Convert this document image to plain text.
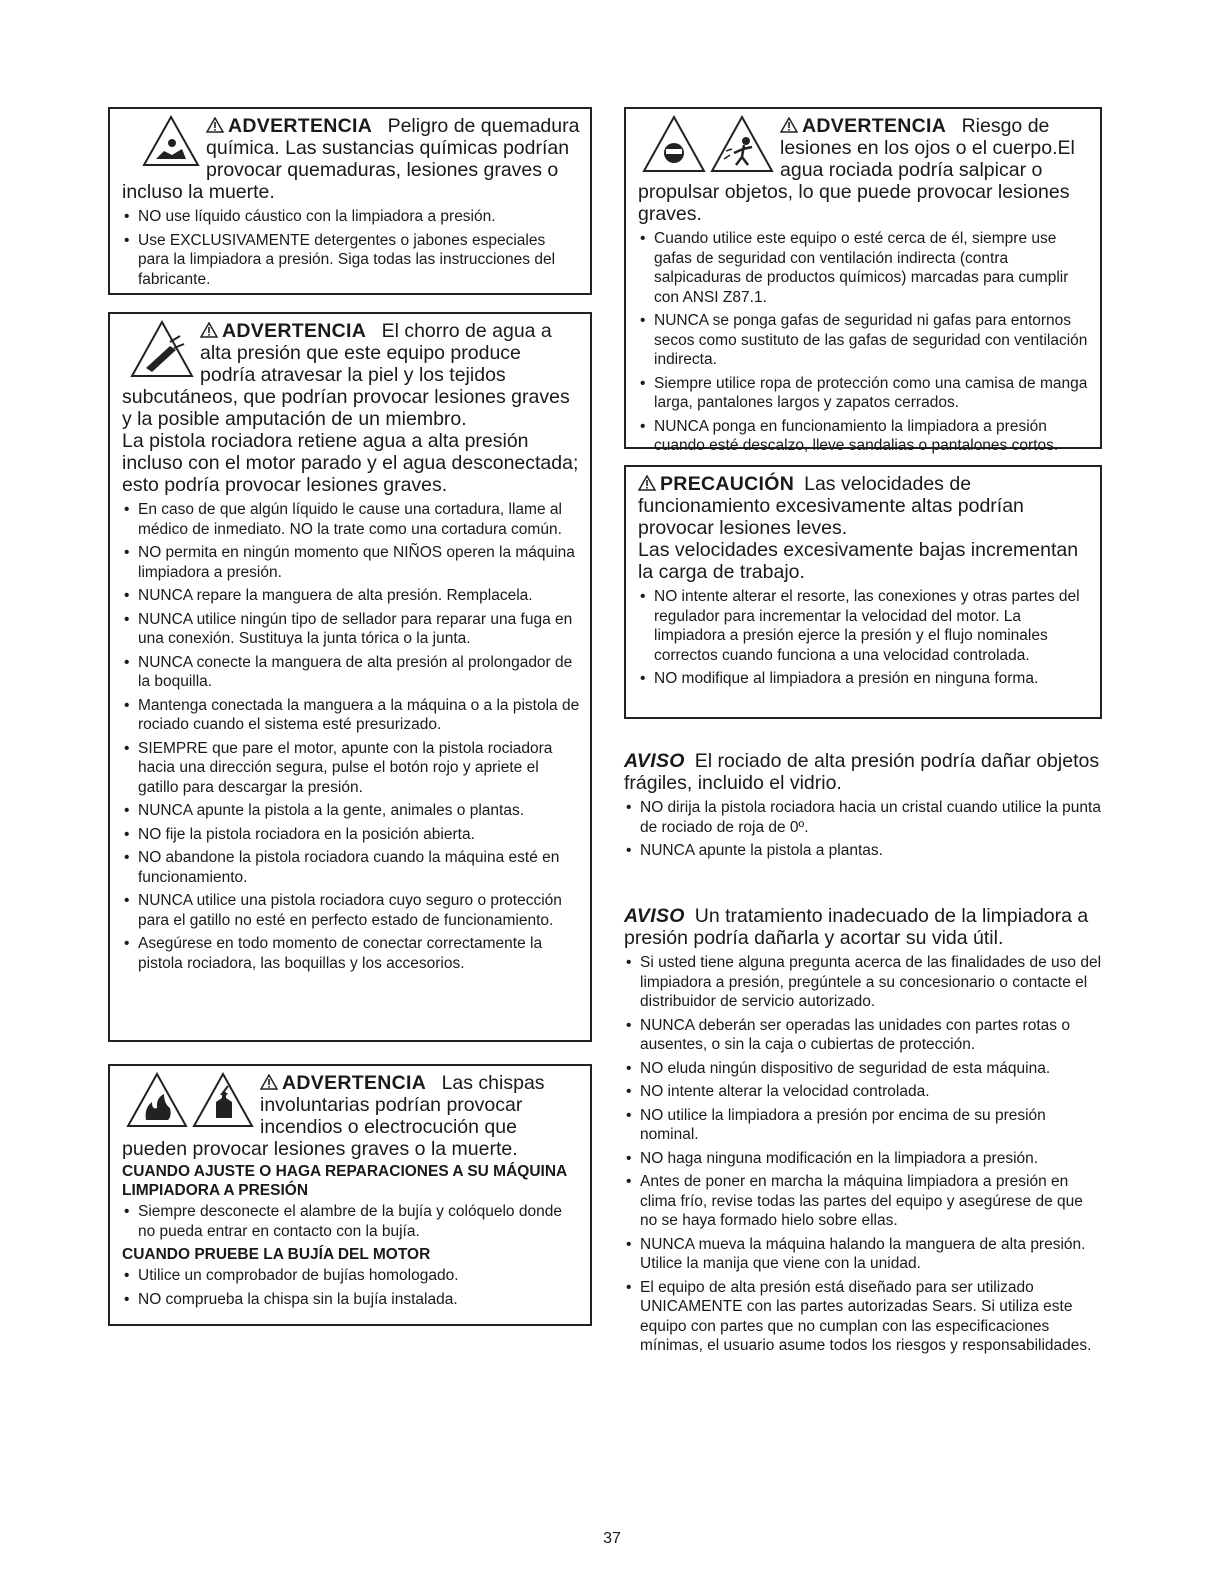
ADVERTENCIA Peligro de quemadura química. Las sustancias químicas podrían provocar quemaduras, lesiones graves o incluso la muerte.
• NO use líquido cáustico con la limpiadora a presión.
• Use EXCLUSIVAMENTE detergentes o jabones especiales para la limpiadora a presión. Siga todas las instrucciones del fabricante.
ADVERTENCIA El chorro de agua a alta presión que este equipo produce podría atravesar la piel y los tejidos subcutáneos, que podrían provocar lesiones graves y la posible amputación de un miembro.
La pistola rociadora retiene agua a alta presión incluso con el motor parado y el agua desconectada; esto podría provocar lesiones graves.
• En caso de que algún líquido le cause una cortadura, llame al médico de inmediato. NO la trate como una cortadura común.
• NO permita en ningún momento que NIÑOS operen la máquina limpiadora a presión.
• NUNCA repare la manguera de alta presión. Remplacela.
• NUNCA utilice ningún tipo de sellador para reparar una fuga en una conexión. Sustituya la junta tórica o la junta.
• NUNCA conecte la manguera de alta presión al prolongador de la boquilla.
• Mantenga conectada la manguera a la máquina o a la pistola de rociado cuando el sistema esté presurizado.
• SIEMPRE que pare el motor, apunte con la pistola rociadora hacia una dirección segura, pulse el botón rojo y apriete el gatillo para descargar la presión.
• NUNCA apunte la pistola a la gente, animales o plantas.
• NO fije la pistola rociadora en la posición abierta.
• NO abandone la pistola rociadora cuando la máquina esté en funcionamiento.
• NUNCA utilice una pistola rociadora cuyo seguro o protección para el gatillo no esté en perfecto estado de funcionamiento.
• Asegúrese en todo momento de conectar correctamente la pistola rociadora, las boquillas y los accesorios.
ADVERTENCIA Las chispas involuntarias podrían provocar incendios o electrocución que pueden provocar lesiones graves o la muerte.
CUANDO AJUSTE O HAGA REPARACIONES A SU MÁQUINA LIMPIADORA A PRESIÓN
• Siempre desconecte el alambre de la bujía y colóquelo donde no pueda entrar en contacto con la bujía.
CUANDO PRUEBE LA BUJÍA DEL MOTOR
• Utilice un comprobador de bujías homologado.
• NO comprueba la chispa sin la bujía instalada.
ADVERTENCIA Riesgo de lesiones en los ojos o el cuerpo.El agua rociada podría salpicar o propulsar objetos, lo que puede provocar lesiones graves.
• Cuando utilice este equipo o esté cerca de él, siempre use gafas de seguridad con ventilación indirecta (contra salpicaduras de productos químicos) marcadas para cumplir con ANSI Z87.1.
• NUNCA se ponga gafas de seguridad ni gafas para entornos secos como sustituto de las gafas de seguridad con ventilación indirecta.
• Siempre utilice ropa de protección como una camisa de manga larga, pantalones largos y zapatos cerrados.
• NUNCA ponga en funcionamiento la limpiadora a presión cuando esté descalzo, lleve sandalias o pantalones cortos.
PRECAUCIÓN Las velocidades de funcionamiento excesivamente altas podrían provocar lesiones leves.
Las velocidades excesivamente bajas incrementan la carga de trabajo.
• NO intente alterar el resorte, las conexiones y otras partes del regulador para incrementar la velocidad del motor. La limpiadora a presión ejerce la presión y el flujo nominales correctos cuando funciona a una velocidad controlada.
• NO modifique al limpiadora a presión en ninguna forma.
AVISO El rociado de alta presión podría dañar objetos frágiles, incluido el vidrio.
• NO dirija la pistola rociadora hacia un cristal cuando utilice la punta de rociado de roja de 0º.
• NUNCA apunte la pistola a plantas.
AVISO Un tratamiento inadecuado de la limpiadora a presión podría dañarla y acortar su vida útil.
• Si usted tiene alguna pregunta acerca de las finalidades de uso del limpiadora a presión, pregúntele a su concesionario o contacte el distribuidor de servicio autorizado.
• NUNCA deberán ser operadas las unidades con partes rotas o ausentes, o sin la caja o cubiertas de protección.
• NO eluda ningún dispositivo de seguridad de esta máquina.
• NO intente alterar la velocidad controlada.
• NO utilice la limpiadora a presión por encima de su presión nominal.
• NO haga ninguna modificación en la limpiadora a presión.
• Antes de poner en marcha la máquina limpiadora a presión en clima frío, revise todas las partes del equipo y asegúrese de que no se haya formado hielo sobre ellas.
• NUNCA mueva la máquina halando la manguera de alta presión. Utilice la manija que viene con la unidad.
• El equipo de alta presión está diseñado para ser utilizado UNICAMENTE con las partes autorizadas Sears. Si utiliza este equipo con partes que no cumplan con las especificaciones mínimas, el usuario asume todos los riesgos y responsabilidades.
37
